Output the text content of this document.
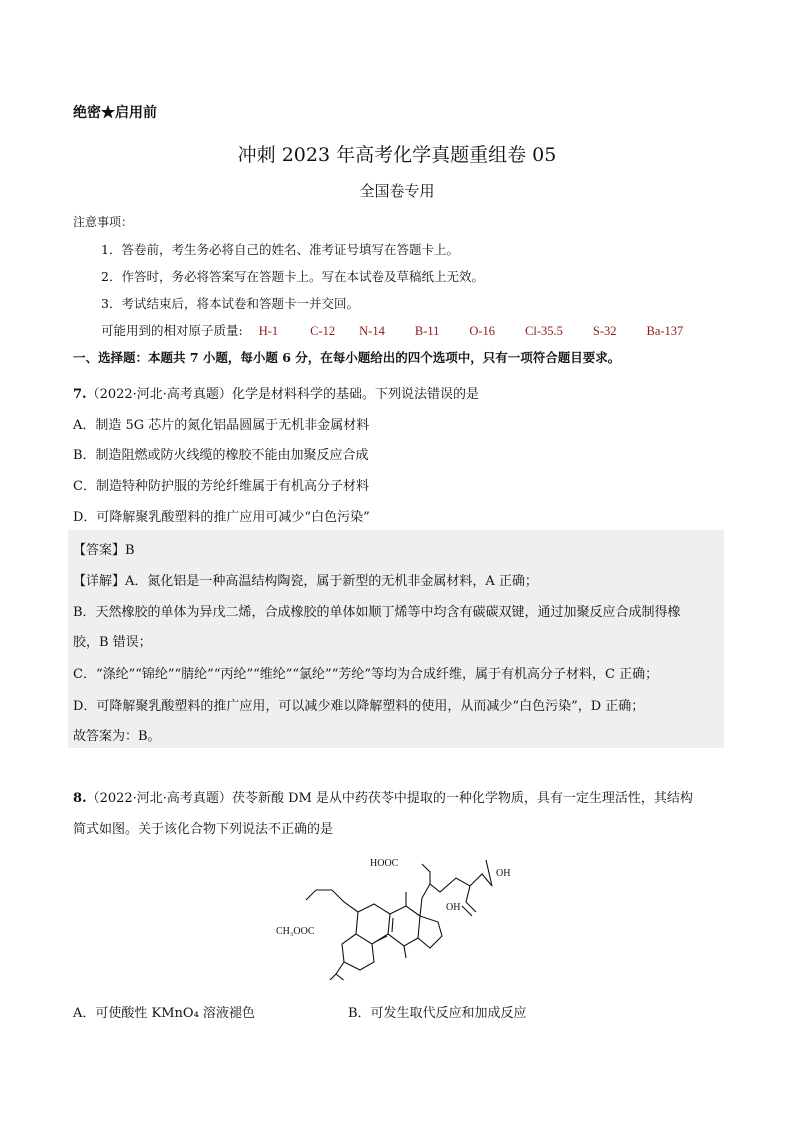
绝密★启用前
冲刺 2023 年高考化学真题重组卷 05
全国卷专用
注意事项：
1．答卷前，考生务必将自己的姓名、准考证号填写在答题卡上。
2．作答时，务必将答案写在答题卡上。写在本试卷及草稿纸上无效。
3．考试结束后，将本试卷和答题卡一并交回。
可能用到的相对原子质量: H-1	C-12 N-14 B-11 O-16 Cl-35.5 S-32 Ba-137
一、选择题：本题共 7 小题，每小题 6 分，在每小题给出的四个选项中，只有一项符合题目要求。
7.（2022·河北·高考真题）化学是材料科学的基础。下列说法错误的是
A．制造 5G 芯片的氮化铝晶圆属于无机非金属材料
B．制造阻燃或防火线缆的橡胶不能由加聚反应合成
C．制造特种防护服的芳纶纤维属于有机高分子材料
D．可降解聚乳酸塑料的推广应用可减少“白色污染”
【答案】B
【详解】A．氮化铝是一种高温结构陶瓷，属于新型的无机非金属材料，A 正确；
B．天然橡胶的单体为异戊二烯，合成橡胶的单体如顺丁烯等中均含有碳碳双键，通过加聚反应合成制得橡
胶，B 错误；
C．“涤纶”“锦纶”“腈纶”“丙纶”“维纶”“氯纶”“芳纶”等均为合成纤维，属于有机高分子材料，C 正确；
D．可降解聚乳酸塑料的推广应用，可以减少难以降解塑料的使用，从而减少“白色污染”，D 正确；
故答案为：B。
8.（2022·河北·高考真题）茯苓新酸 DM 是从中药茯苓中提取的一种化学物质，具有一定生理活性，其结构
简式如图。关于该化合物下列说法不正确的是
HOOC
OH
OH
CH₃OOC
A．可使酸性 KMnO₄ 溶液褪色	B．可发生取代反应和加成反应
